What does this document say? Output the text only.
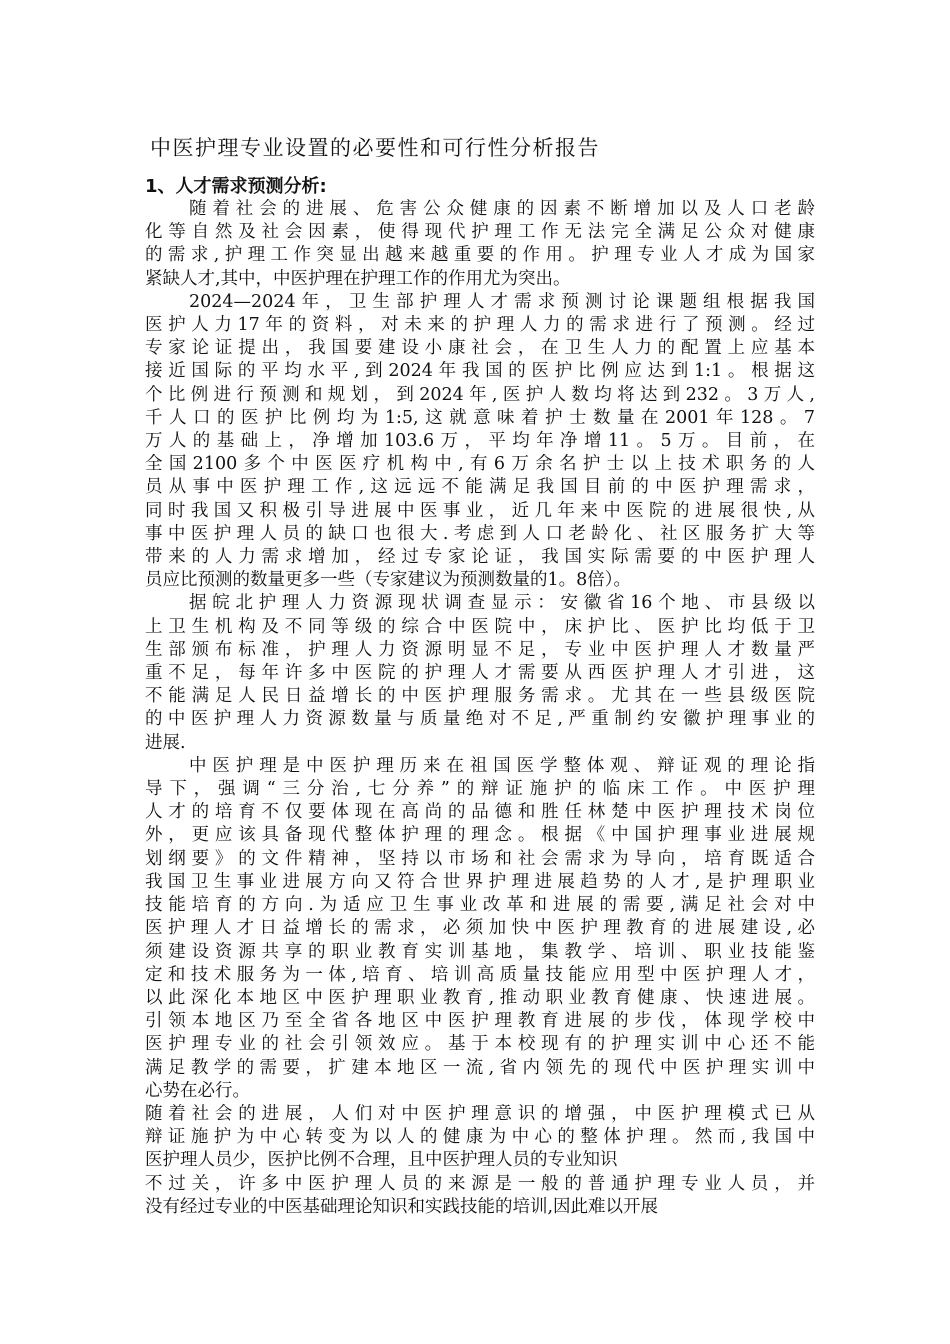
中医护理专业设置的必要性和可行性分析报告
1、人才需求预测分析:
随着社会的进展、危害公众健康的因素不断增加以及人口老龄
化等自然及社会因素，使得现代护理工作无法完全满足公众对健康
的需求,护理工作突显出越来越重要的作用。护理专业人才成为国家
紧缺人才,其中，中医护理在护理工作的作用尤为突出。
2024—2024年，卫生部护理人才需求预测讨论课题组根据我国
医护人力17年的资料，对未来的护理人力的需求进行了预测。经过
专家论证提出，我国要建设小康社会，在卫生人力的配置上应基本
接近国际的平均水平,到2024年我国的医护比例应达到1:1。根据这
个比例进行预测和规划，到2024年,医护人数均将达到232。3万人,
千人口的医护比例均为1:5,这就意味着护士数量在2001年128。7
万人的基础上，净增加103.6万，平均年净增11。5万。目前，在
全国2100多个中医医疗机构中,有6万余名护士以上技术职务的人
员从事中医护理工作,这远远不能满足我国目前的中医护理需求，
同时我国又积极引导进展中医事业，近几年来中医院的进展很快,从
事中医护理人员的缺口也很大.考虑到人口老龄化、社区服务扩大等
带来的人力需求增加，经过专家论证，我国实际需要的中医护理人
员应比预测的数量更多一些（专家建议为预测数量的1。8倍）。
据皖北护理人力资源现状调查显示：安徽省16个地、市县级以
上卫生机构及不同等级的综合中医院中，床护比、医护比均低于卫
生部颁布标准，护理人力资源明显不足，专业中医护理人才数量严
重不足，每年许多中医院的护理人才需要从西医护理人才引进，这
不能满足人民日益增长的中医护理服务需求。尤其在一些县级医院
的中医护理人力资源数量与质量绝对不足,严重制约安徽护理事业的
进展.
中医护理是中医护理历来在祖国医学整体观、辩证观的理论指
导下，强调“三分治,七分养”的辩证施护的临床工作。中医护理
人才的培育不仅要体现在高尚的品德和胜任林楚中医护理技术岗位
外，更应该具备现代整体护理的理念。根据《中国护理事业进展规
划纲要》的文件精神，坚持以市场和社会需求为导向，培育既适合
我国卫生事业进展方向又符合世界护理进展趋势的人才,是护理职业
技能培育的方向.为适应卫生事业改革和进展的需要,满足社会对中
医护理人才日益增长的需求，必须加快中医护理教育的进展建设,必
须建设资源共享的职业教育实训基地，集教学、培训、职业技能鉴
定和技术服务为一体,培育、培训高质量技能应用型中医护理人才，
以此深化本地区中医护理职业教育,推动职业教育健康、快速进展。
引领本地区乃至全省各地区中医护理教育进展的步伐，体现学校中
医护理专业的社会引领效应。基于本校现有的护理实训中心还不能
满足教学的需要，扩建本地区一流,省内领先的现代中医护理实训中
心势在必行。
随着社会的进展，人们对中医护理意识的增强，中医护理模式已从
辩证施护为中心转变为以人的健康为中心的整体护理。然而,我国中
医护理人员少，医护比例不合理，且中医护理人员的专业知识
不过关，许多中医护理人员的来源是一般的普通护理专业人员，并
没有经过专业的中医基础理论知识和实践技能的培训,因此难以开展
